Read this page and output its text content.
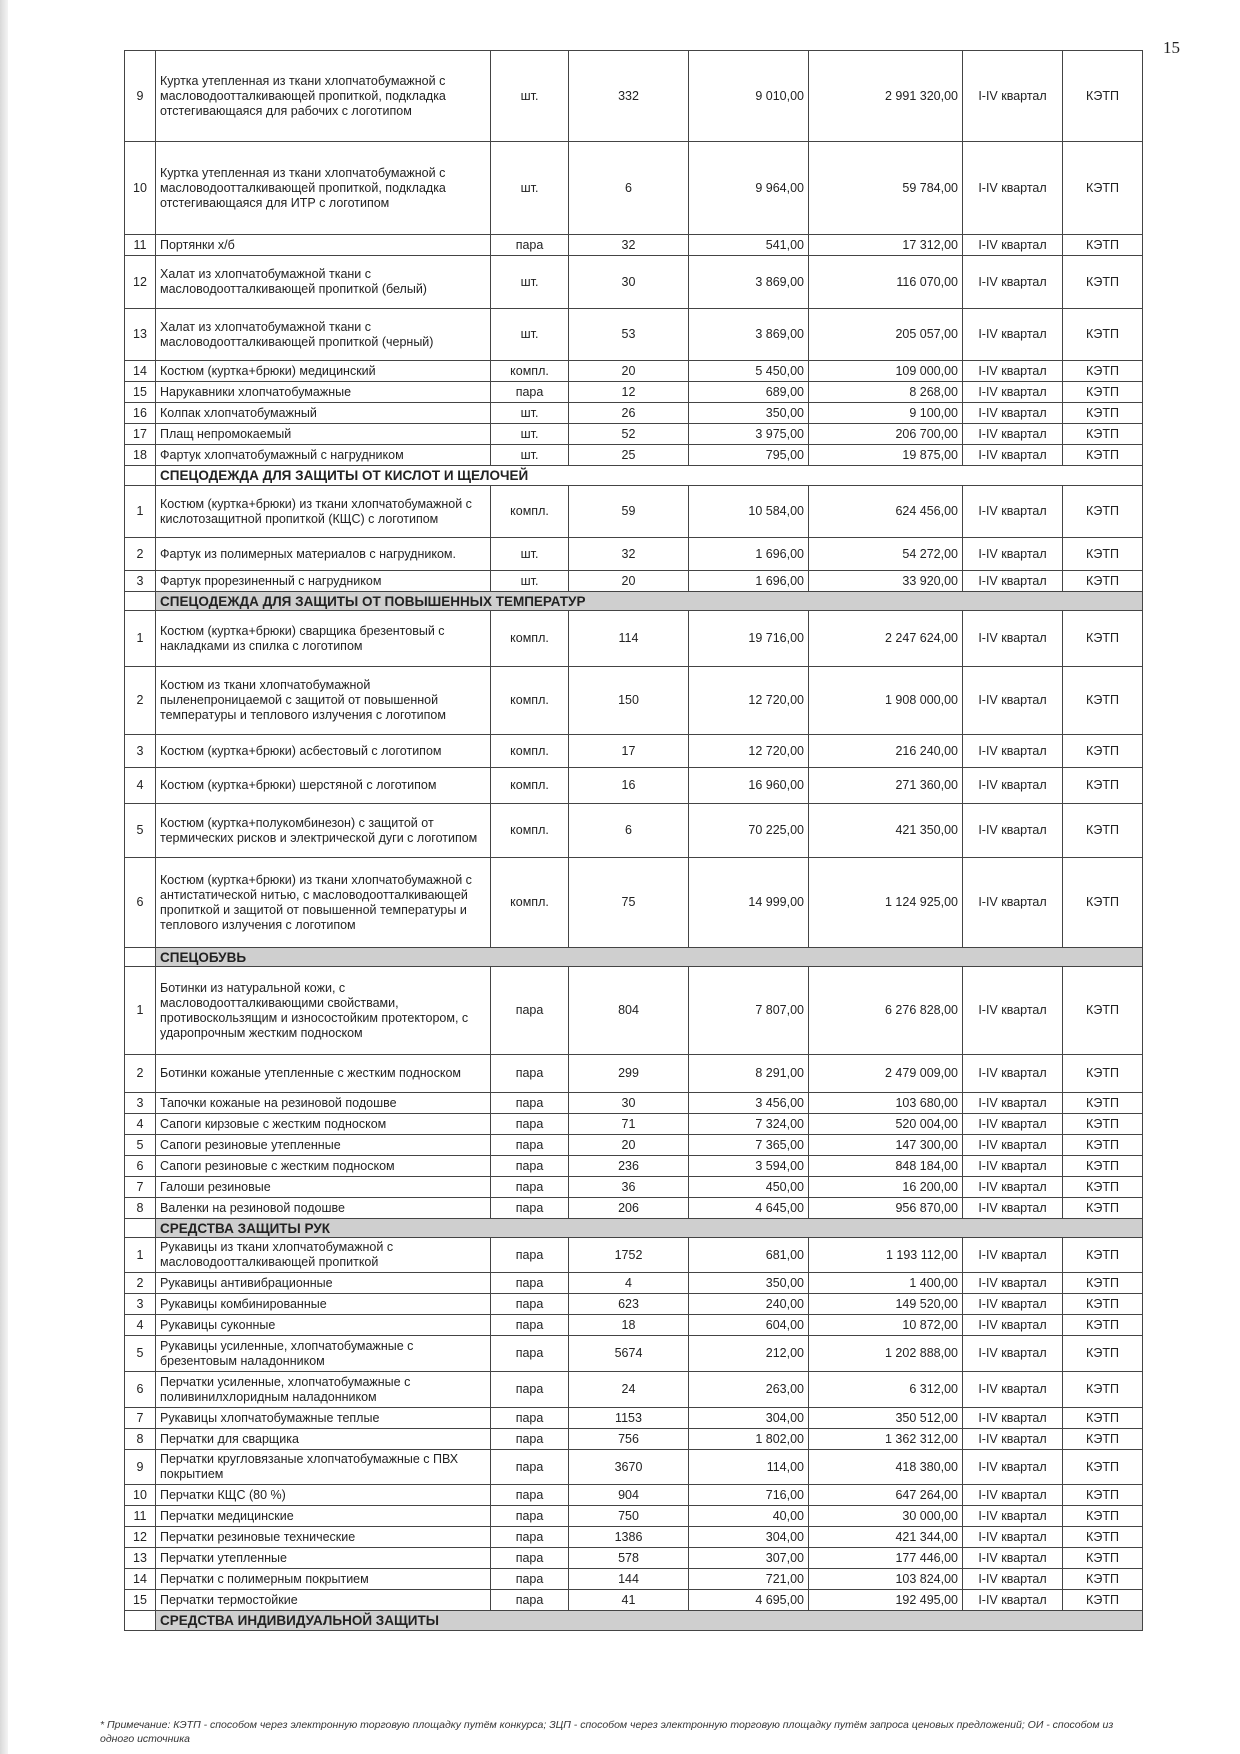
15
9	Куртка утепленная из ткани хлопчатобумажной с масловодоотталкивающей пропиткой, подкладка отстегивающаяся для рабочих с логотипом	шт.	332	9 010,00	2 991 320,00	I-IV квартал	КЭТП
10	Куртка утепленная из ткани хлопчатобумажной с масловодоотталкивающей пропиткой, подкладка отстегивающаяся для ИТР с логотипом	шт.	6	9 964,00	59 784,00	I-IV квартал	КЭТП
11	Портянки х/б	пара	32	541,00	17 312,00	I-IV квартал	КЭТП
12	Халат из хлопчатобумажной ткани с масловодоотталкивающей пропиткой (белый)	шт.	30	3 869,00	116 070,00	I-IV квартал	КЭТП
13	Халат из хлопчатобумажной ткани с масловодоотталкивающей пропиткой (черный)	шт.	53	3 869,00	205 057,00	I-IV квартал	КЭТП
14	Костюм (куртка+брюки) медицинский	компл.	20	5 450,00	109 000,00	I-IV квартал	КЭТП
15	Нарукавники хлопчатобумажные	пара	12	689,00	8 268,00	I-IV квартал	КЭТП
16	Колпак хлопчатобумажный	шт.	26	350,00	9 100,00	I-IV квартал	КЭТП
17	Плащ непромокаемый	шт.	52	3 975,00	206 700,00	I-IV квартал	КЭТП
18	Фартук хлопчатобумажный с нагрудником	шт.	25	795,00	19 875,00	I-IV квартал	КЭТП
	СПЕЦОДЕЖДА ДЛЯ ЗАЩИТЫ ОТ КИСЛОТ И ЩЕЛОЧЕЙ						
1	Костюм (куртка+брюки) из ткани хлопчатобумажной с кислотозащитной пропиткой (КЩС) с логотипом	компл.	59	10 584,00	624 456,00	I-IV квартал	КЭТП
2	Фартук из полимерных материалов с нагрудником.	шт.	32	1 696,00	54 272,00	I-IV квартал	КЭТП
3	Фартук прорезиненный с нагрудником	шт.	20	1 696,00	33 920,00	I-IV квартал	КЭТП
	СПЕЦОДЕЖДА ДЛЯ ЗАЩИТЫ ОТ ПОВЫШЕННЫХ ТЕМПЕРАТУР						
1	Костюм (куртка+брюки) сварщика брезентовый с накладками из спилка с логотипом	компл.	114	19 716,00	2 247 624,00	I-IV квартал	КЭТП
2	Костюм из ткани хлопчатобумажной пыленепроницаемой с защитой от повышенной температуры и теплового излучения с логотипом	компл.	150	12 720,00	1 908 000,00	I-IV квартал	КЭТП
3	Костюм (куртка+брюки) асбестовый с логотипом	компл.	17	12 720,00	216 240,00	I-IV квартал	КЭТП
4	Костюм (куртка+брюки) шерстяной с логотипом	компл.	16	16 960,00	271 360,00	I-IV квартал	КЭТП
5	Костюм (куртка+полукомбинезон) с защитой от термических рисков и электрической дуги с логотипом	компл.	6	70 225,00	421 350,00	I-IV квартал	КЭТП
6	Костюм (куртка+брюки) из ткани хлопчатобумажной с антистатической нитью, с масловодоотталкивающей пропиткой и защитой от повышенной температуры и теплового излучения с логотипом	компл.	75	14 999,00	1 124 925,00	I-IV квартал	КЭТП
	СПЕЦОБУВЬ						
1	Ботинки из натуральной кожи, с масловодоотталкивающими свойствами, противоскользящим и износостойким протектором, с ударопрочным жестким подноском	пара	804	7 807,00	6 276 828,00	I-IV квартал	КЭТП
2	Ботинки кожаные утепленные с жестким подноском	пара	299	8 291,00	2 479 009,00	I-IV квартал	КЭТП
3	Тапочки кожаные на резиновой подошве	пара	30	3 456,00	103 680,00	I-IV квартал	КЭТП
4	Сапоги кирзовые с жестким подноском	пара	71	7 324,00	520 004,00	I-IV квартал	КЭТП
5	Сапоги резиновые утепленные	пара	20	7 365,00	147 300,00	I-IV квартал	КЭТП
6	Сапоги резиновые с жестким подноском	пара	236	3 594,00	848 184,00	I-IV квартал	КЭТП
7	Галоши резиновые	пара	36	450,00	16 200,00	I-IV квартал	КЭТП
8	Валенки на резиновой подошве	пара	206	4 645,00	956 870,00	I-IV квартал	КЭТП
	СРЕДСТВА ЗАЩИТЫ РУК						
1	Рукавицы из ткани хлопчатобумажной с масловодоотталкивающей пропиткой	пара	1752	681,00	1 193 112,00	I-IV квартал	КЭТП
2	Рукавицы антивибрационные	пара	4	350,00	1 400,00	I-IV квартал	КЭТП
3	Рукавицы комбинированные	пара	623	240,00	149 520,00	I-IV квартал	КЭТП
4	Рукавицы суконные	пара	18	604,00	10 872,00	I-IV квартал	КЭТП
5	Рукавицы усиленные, хлопчатобумажные с брезентовым наладонником	пара	5674	212,00	1 202 888,00	I-IV квартал	КЭТП
6	Перчатки усиленные, хлопчатобумажные с поливинилхлоридным наладонником	пара	24	263,00	6 312,00	I-IV квартал	КЭТП
7	Рукавицы хлопчатобумажные теплые	пара	1153	304,00	350 512,00	I-IV квартал	КЭТП
8	Перчатки для сварщика	пара	756	1 802,00	1 362 312,00	I-IV квартал	КЭТП
9	Перчатки кругловязаные хлопчатобумажные с ПВХ покрытием	пара	3670	114,00	418 380,00	I-IV квартал	КЭТП
10	Перчатки КЩС (80 %)	пара	904	716,00	647 264,00	I-IV квартал	КЭТП
11	Перчатки медицинские	пара	750	40,00	30 000,00	I-IV квартал	КЭТП
12	Перчатки резиновые технические	пара	1386	304,00	421 344,00	I-IV квартал	КЭТП
13	Перчатки утепленные	пара	578	307,00	177 446,00	I-IV квартал	КЭТП
14	Перчатки с полимерным покрытием	пара	144	721,00	103 824,00	I-IV квартал	КЭТП
15	Перчатки термостойкие	пара	41	4 695,00	192 495,00	I-IV квартал	КЭТП
	СРЕДСТВА ИНДИВИДУАЛЬНОЙ ЗАЩИТЫ						
* Примечание: КЭТП - способом через электронную торговую площадку путём конкурса; ЗЦП - способом через электронную торговую площадку путём запроса ценовых предложений; ОИ - способом из одного источника
